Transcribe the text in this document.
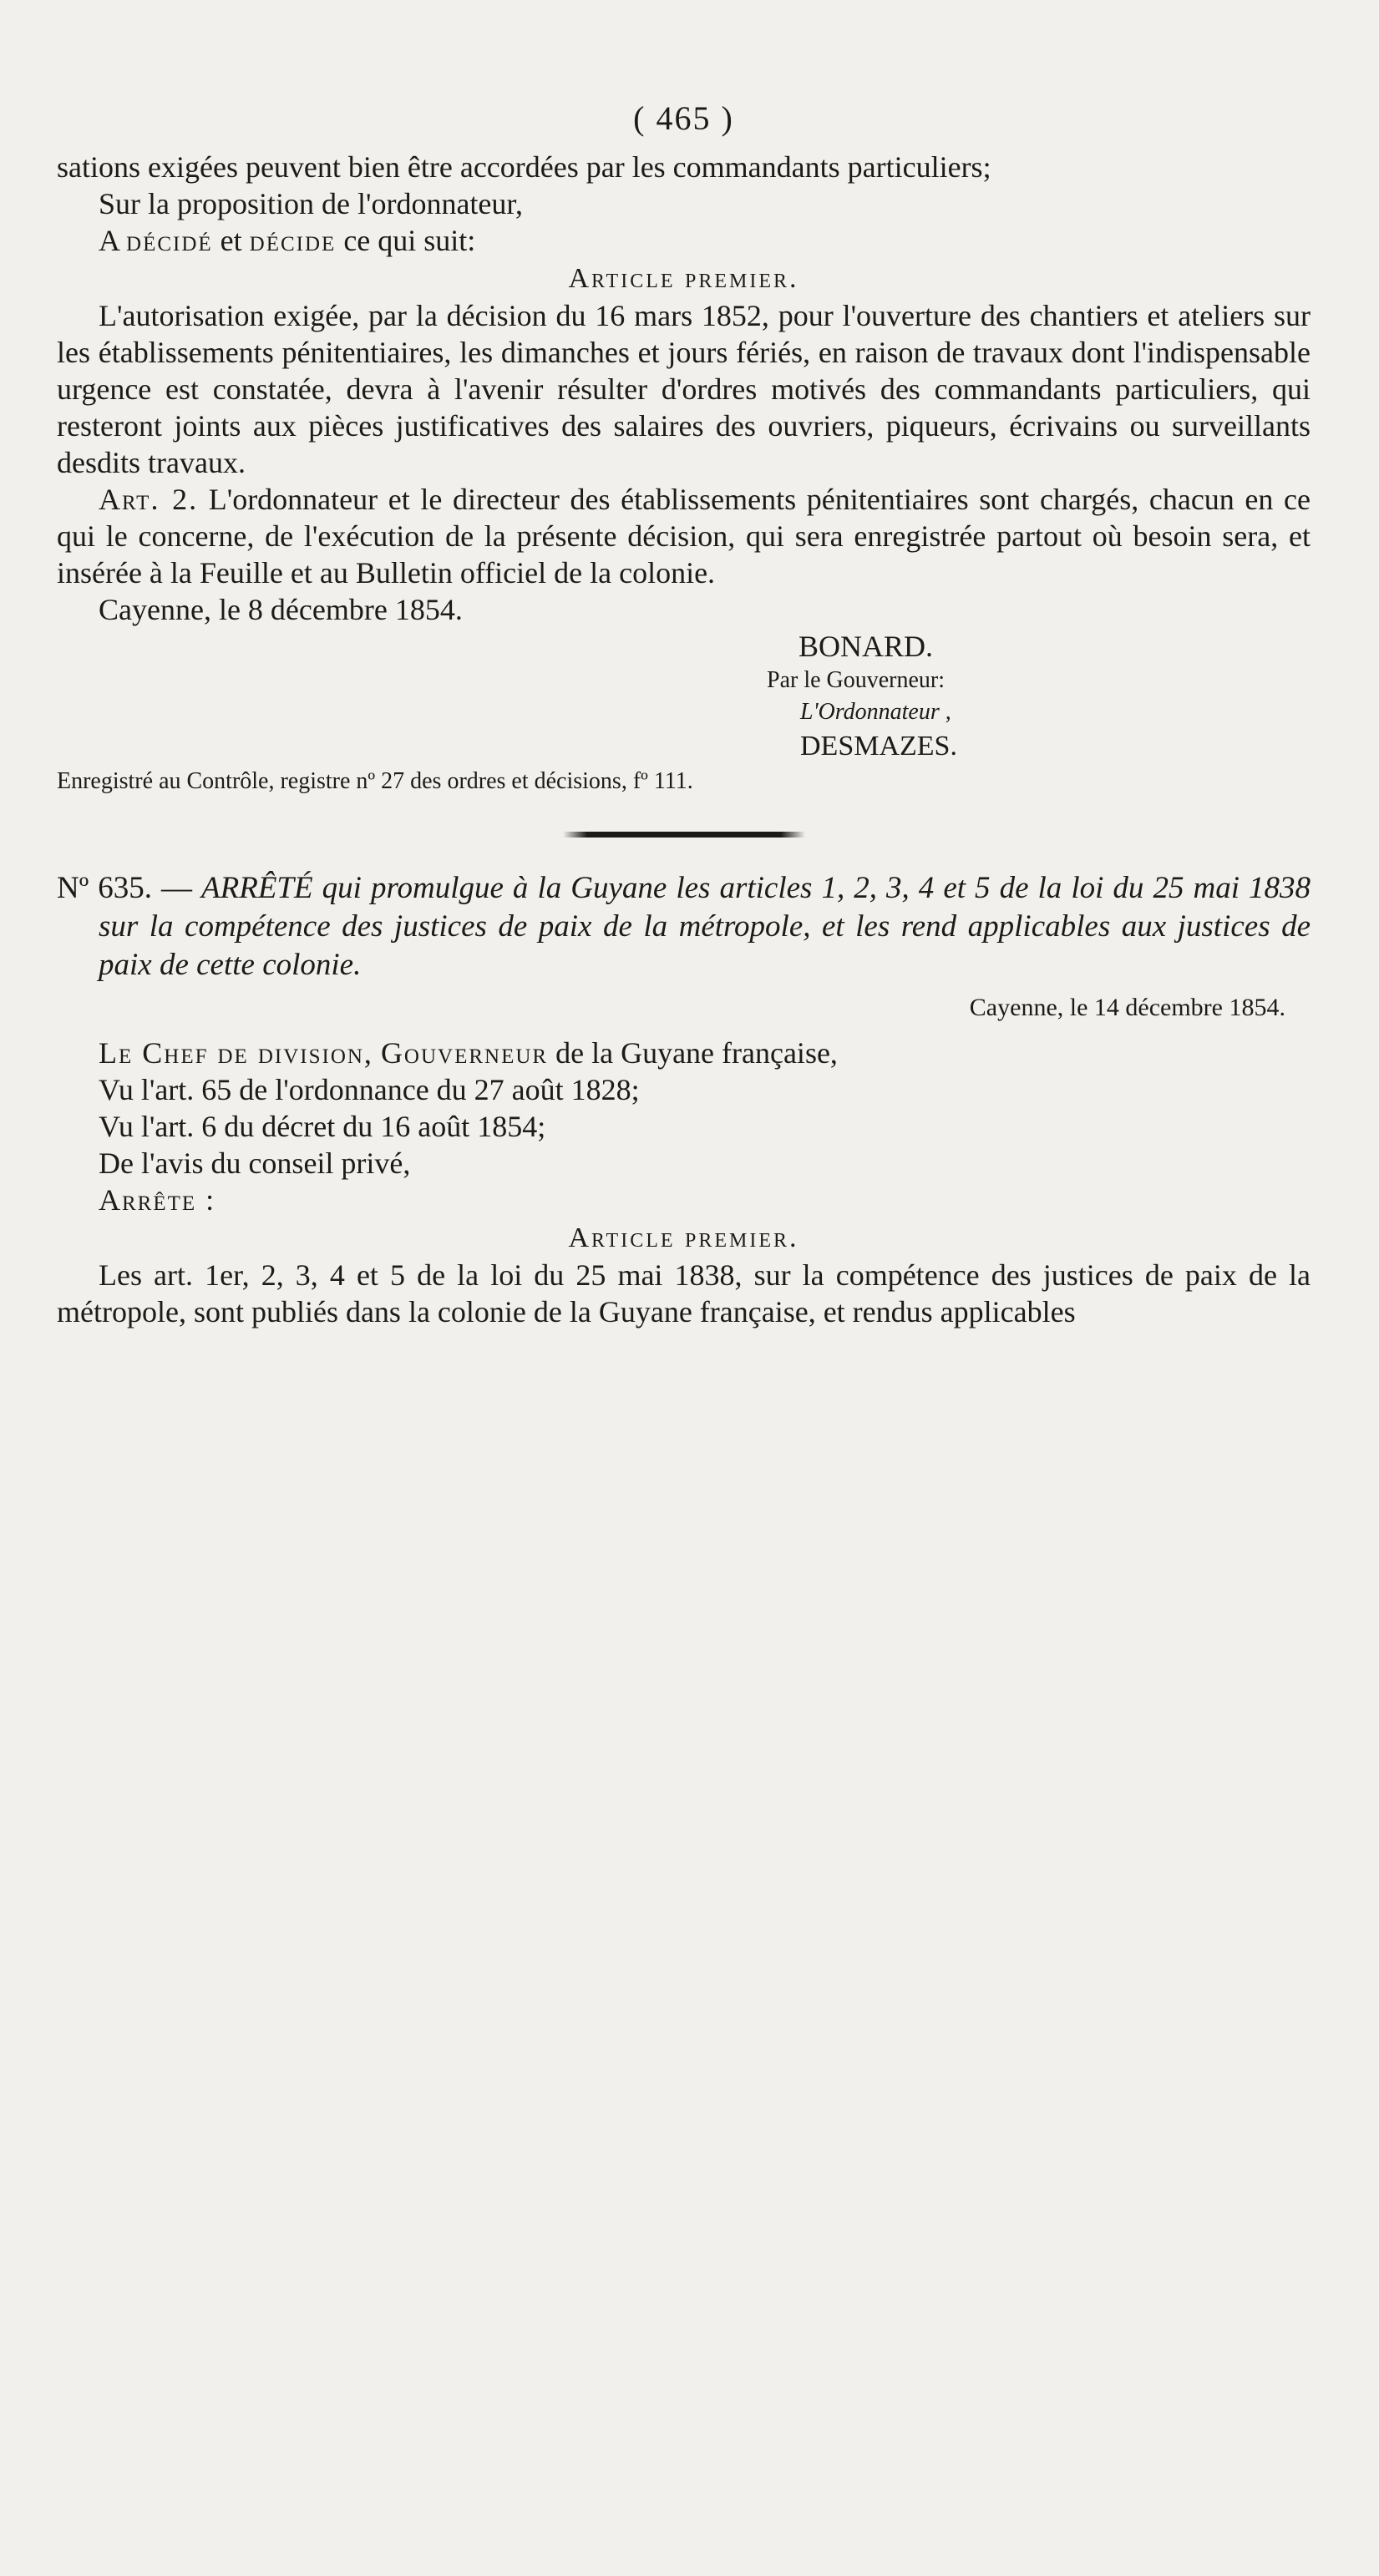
( 465 )

sations exigées peuvent bien être accordées par les commandants particuliers;

Sur la proposition de l'ordonnateur,

A décidé et décide ce qui suit:

Article premier.

L'autorisation exigée, par la décision du 16 mars 1852, pour l'ouverture des chantiers et ateliers sur les établissements pénitentiaires, les dimanches et jours fériés, en raison de travaux dont l'indispensable urgence est constatée, devra à l'avenir résulter d'ordres motivés des commandants particuliers, qui resteront joints aux pièces justificatives des salaires des ouvriers, piqueurs, écrivains ou surveillants desdits travaux.

Art. 2. L'ordonnateur et le directeur des établissements pénitentiaires sont chargés, chacun en ce qui le concerne, de l'exécution de la présente décision, qui sera enregistrée partout où besoin sera, et insérée à la Feuille et au Bulletin officiel de la colonie.

Cayenne, le 8 décembre 1854.

BONARD.

Par le Gouverneur:

L'Ordonnateur ,

DESMAZES.

Enregistré au Contrôle, registre nº 27 des ordres et décisions, fº 111.

Nº 635. — ARRÊTÉ qui promulgue à la Guyane les articles 1, 2, 3, 4 et 5 de la loi du 25 mai 1838 sur la compétence des justices de paix de la métropole, et les rend applicables aux justices de paix de cette colonie.

Cayenne, le 14 décembre 1854.

Le Chef de division, Gouverneur de la Guyane française,

Vu l'art. 65 de l'ordonnance du 27 août 1828;

Vu l'art. 6 du décret du 16 août 1854;

De l'avis du conseil privé,

Arrête :

Article premier.

Les art. 1er, 2, 3, 4 et 5 de la loi du 25 mai 1838, sur la compétence des justices de paix de la métropole, sont publiés dans la colonie de la Guyane française, et rendus applicables
